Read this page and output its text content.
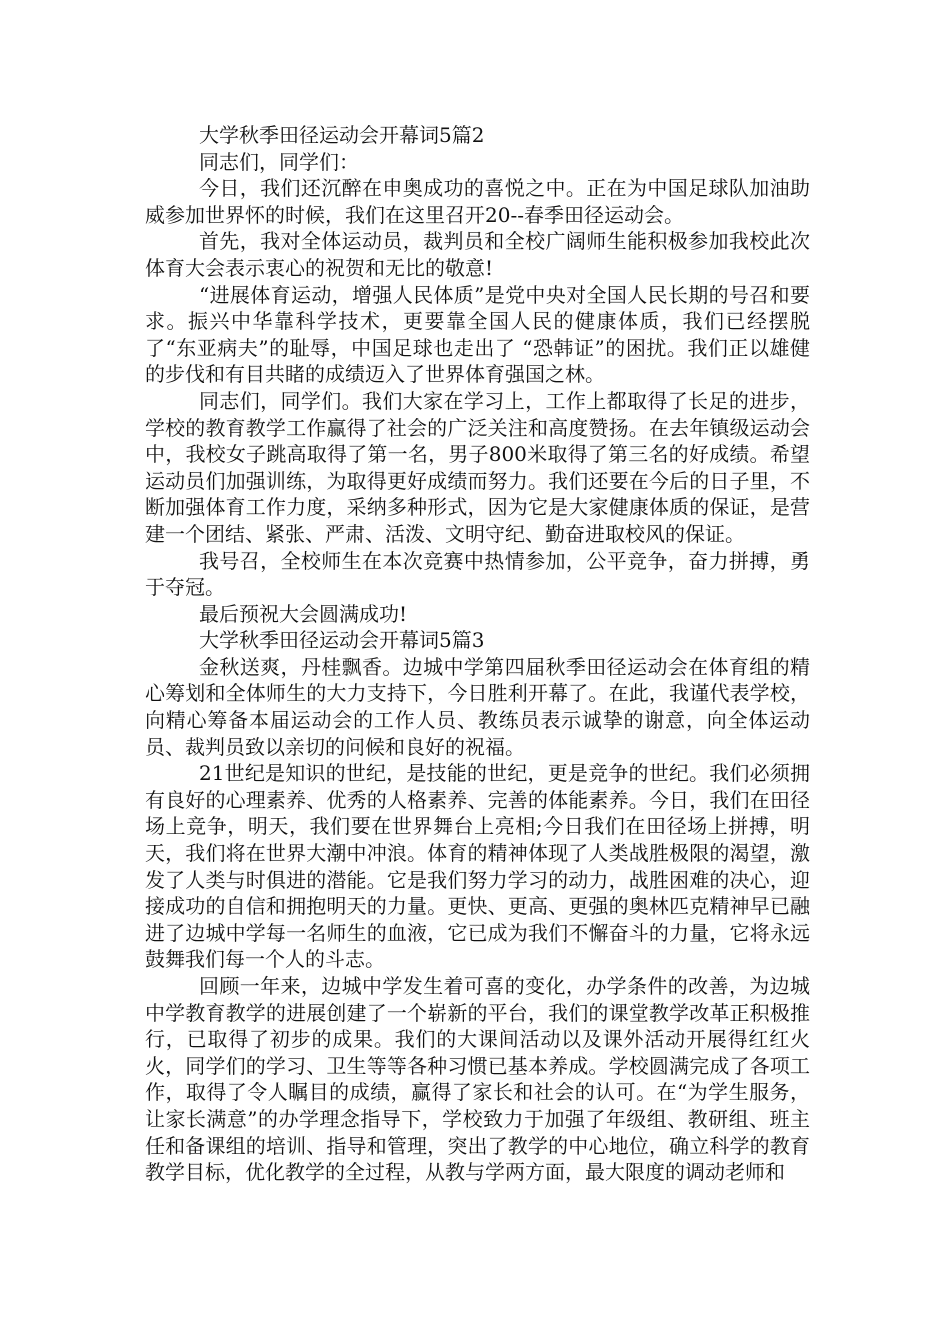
大学秋季田径运动会开幕词5篇2

同志们，同学们：

今日，我们还沉醉在申奥成功的喜悦之中。正在为中国足球队加油助威参加世界怀的时候，我们在这里召开20--春季田径运动会。

首先，我对全体运动员，裁判员和全校广阔师生能积极参加我校此次体育大会表示衷心的祝贺和无比的敬意!

“进展体育运动，增强人民体质”是党中央对全国人民长期的号召和要求。振兴中华靠科学技术，更要靠全国人民的健康体质，我们已经摆脱了“东亚病夫”的耻辱，中国足球也走出了 “恐韩证”的困扰。我们正以雄健的步伐和有目共睹的成绩迈入了世界体育强国之林。

同志们，同学们。我们大家在学习上，工作上都取得了长足的进步，学校的教育教学工作赢得了社会的广泛关注和高度赞扬。在去年镇级运动会中，我校女子跳高取得了第一名，男子800米取得了第三名的好成绩。希望运动员们加强训练，为取得更好成绩而努力。我们还要在今后的日子里，不断加强体育工作力度，采纳多种形式，因为它是大家健康体质的保证，是营建一个团结、紧张、严肃、活泼、文明守纪、勤奋进取校风的保证。

我号召，全校师生在本次竞赛中热情参加，公平竞争，奋力拼搏，勇于夺冠。

最后预祝大会圆满成功!

大学秋季田径运动会开幕词5篇3

金秋送爽，丹桂飘香。边城中学第四届秋季田径运动会在体育组的精心筹划和全体师生的大力支持下，今日胜利开幕了。在此，我谨代表学校，向精心筹备本届运动会的工作人员、教练员表示诚挚的谢意，向全体运动员、裁判员致以亲切的问候和良好的祝福。

21世纪是知识的世纪，是技能的世纪，更是竞争的世纪。我们必须拥有良好的心理素养、优秀的人格素养、完善的体能素养。今日，我们在田径场上竞争，明天，我们要在世界舞台上亮相;今日我们在田径场上拼搏，明天，我们将在世界大潮中冲浪。体育的精神体现了人类战胜极限的渴望，激发了人类与时俱进的潜能。它是我们努力学习的动力，战胜困难的决心，迎接成功的自信和拥抱明天的力量。更快、更高、更强的奥林匹克精神早已融进了边城中学每一名师生的血液，它已成为我们不懈奋斗的力量，它将永远鼓舞我们每一个人的斗志。

回顾一年来，边城中学发生着可喜的变化，办学条件的改善，为边城中学教育教学的进展创建了一个崭新的平台，我们的课堂教学改革正积极推行，已取得了初步的成果。我们的大课间活动以及课外活动开展得红红火火，同学们的学习、卫生等等各种习惯已基本养成。学校圆满完成了各项工作，取得了令人瞩目的成绩，赢得了家长和社会的认可。在“为学生服务，让家长满意”的办学理念指导下，学校致力于加强了年级组、教研组、班主任和备课组的培训、指导和管理，突出了教学的中心地位，确立科学的教育教学目标，优化教学的全过程，从教与学两方面，最大限度的调动老师和
